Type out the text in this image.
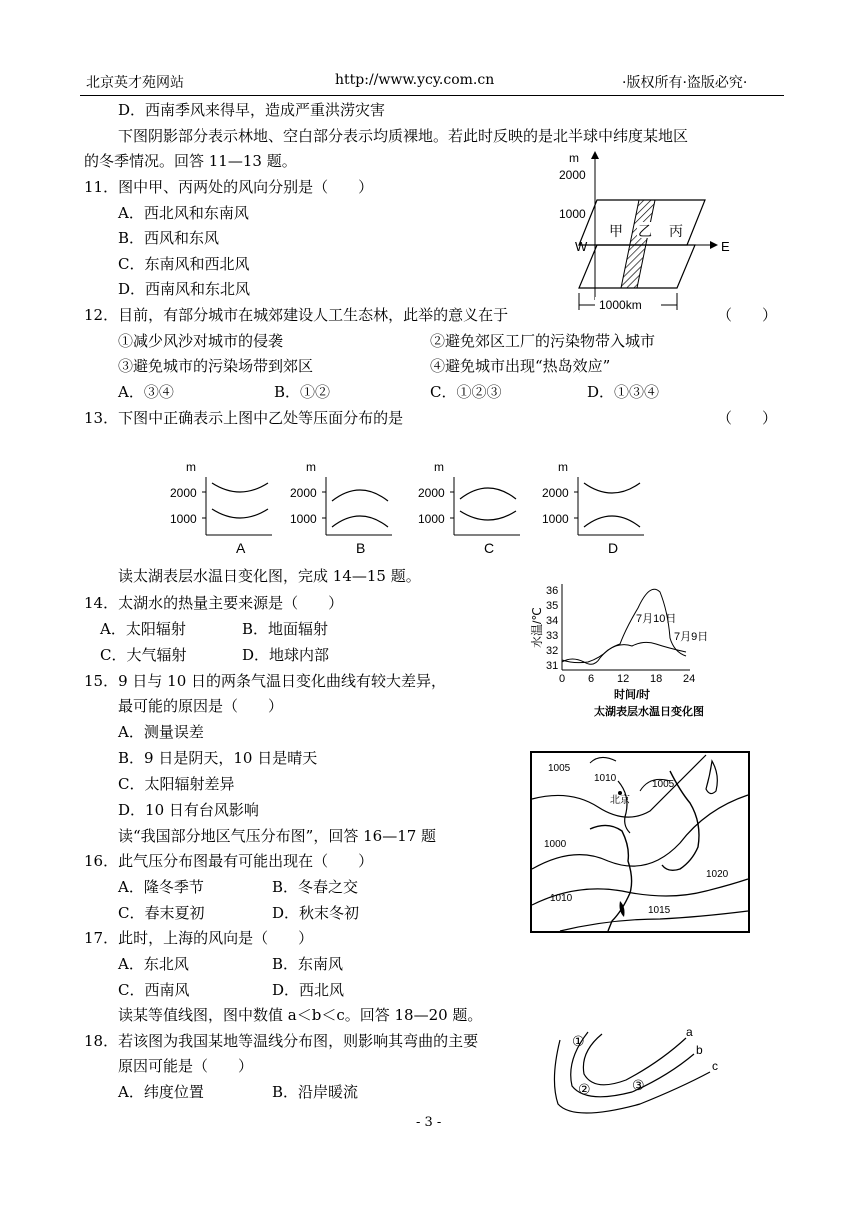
北京英才苑网站	http://www.ycy.com.cn	·版权所有·盗版必究·
D．西南季风来得早，造成严重洪涝灾害
下图阴影部分表示林地、空白部分表示均质裸地。若此时反映的是北半球中纬度某地区
的冬季情况。回答 11—13 题。
11．图中甲、丙两处的风向分别是（　　）
A．西北风和东南风
B．西风和东风
C．东南风和西北风
D．西南风和东北风
12．目前，有部分城市在城郊建设人工生态林，此举的意义在于	（　　）
①减少风沙对城市的侵袭	②避免郊区工厂的污染物带入城市
③避免城市的污染场带到郊区	④避免城市出现“热岛效应”
A．③④	B．①②	C．①②③	D．①③④
13．下图中正确表示上图中乙处等压面分布的是	（　　）
读太湖表层水温日变化图，完成 14—15 题。
14．太湖水的热量主要来源是（　　）
A．太阳辐射	B．地面辐射
C．大气辐射	D．地球内部
15．9 日与 10 日的两条气温日变化曲线有较大差异，
最可能的原因是（　　）
A．测量误差
B．9 日是阴天，10 日是晴天
C．太阳辐射差异
D．10 日有台风影响
读“我国部分地区气压分布图”，回答 16—17 题
16．此气压分布图最有可能出现在（　　）
A．隆冬季节	B．冬春之交
C．春末夏初	D．秋末冬初
17．此时，上海的风向是（　　）
A．东北风	B．东南风
C．西南风	D．西北风
读某等值线图，图中数值 a＜b＜c。回答 18—20 题。
18．若该图为我国某地等温线分布图，则影响其弯曲的主要
原因可能是（　　）
A．纬度位置	B．沿岸暖流
- 3 -
m
2000
1000
W	E
甲 乙 丙
1000km
m
2000
1000
A
m
2000
1000
B
m
2000
1000
C
m
2000
1000
D
水温/℃
36
35
34
33
32
31
7月10日
7月9日
0 6 12 18 24
时间/时
太湖表层水温日变化图
1005
1010
1005
北京
1000
1010
1015
1020
①
②	③
a
b
c
